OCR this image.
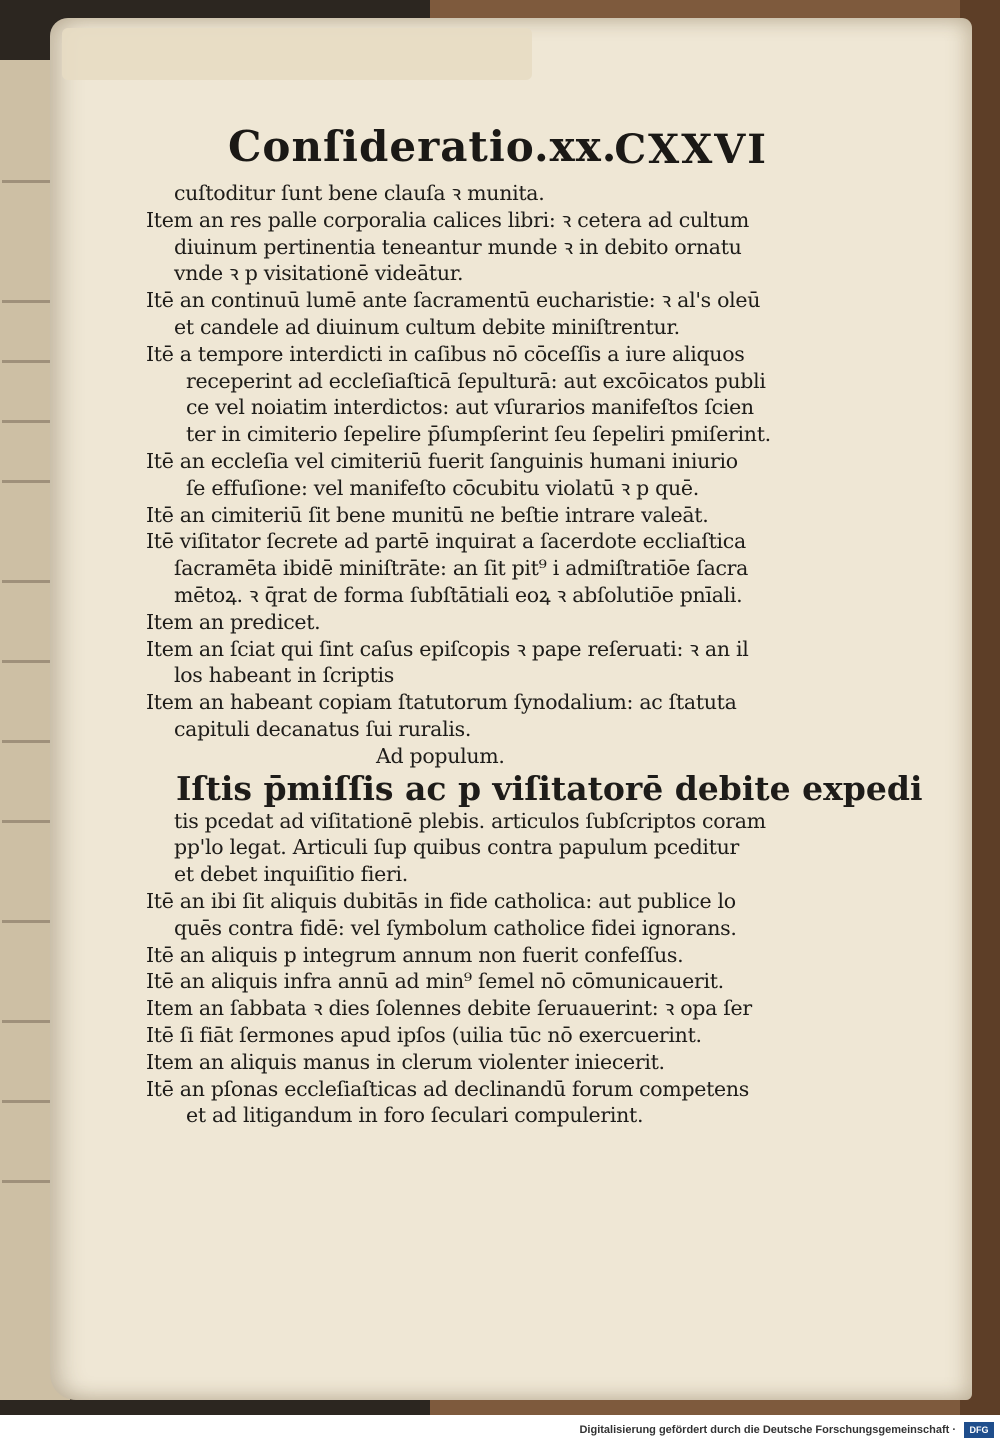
Conſideratio.xx.
CXXVI
cuſtoditur ſunt bene clauſa ꝛ munita.
Item an res palle corporalia calices libri: ꝛ cetera ad cultum
diuinum pertinentia teneantur munde ꝛ in debito ornatu
vnde ꝛ p visitationē videātur.
Itē an continuū lumē ante ſacramentū eucharistie: ꝛ al's oleū
et candele ad diuinum cultum debite miniſtrentur.
Itē a tempore interdicti in caſibus nō cōceſſis a iure aliquos
receperint ad eccleſiaſticā ſepulturā: aut excōicatos publi
ce vel noiatim interdictos: aut vſurarios manifeſtos ſcien
ter in cimiterio ſepelire p̄ſumpſerint ſeu ſepeliri pmiſerint.
Itē an eccleſia vel cimiteriū fuerit ſanguinis humani iniurio
ſe effuſione: vel manifeſto cōcubitu violatū ꝛ p quē.
Itē an cimiteriū ſit bene munitū ne beſtie intrare valeāt.
Itē viſitator ſecrete ad partē inquirat a ſacerdote eccliaſtica
ſacramēta ibidē miniſtrāte: an ſit pit⁹ i admiſtratiōe ſacra
mētoꝝ. ꝛ q̄rat de forma ſubſtātiali eoꝝ ꝛ abſolutiōe pnīali.
Item an predicet.
Item an ſciat qui ſint caſus epiſcopis ꝛ pape reſeruati: ꝛ an il
los habeant in ſcriptis
Item an habeant copiam ſtatutorum ſynodalium: ac ſtatuta
capituli decanatus ſui ruralis.
Ad populum.
Iſtis p̄miſſis ac p viſitatorē debite expedi
tis pcedat ad viſitationē plebis. articulos ſubſcriptos coram
pp'lo legat. Articuli ſup quibus contra papulum pceditur
et debet inquiſitio fieri.
Itē an ibi ſit aliquis dubitās in fide catholica: aut publice lo
quēs contra fidē: vel ſymbolum catholice fidei ignorans.
Itē an aliquis p integrum annum non fuerit confeſſus.
Itē an aliquis infra annū ad min⁹ ſemel nō cōmunicauerit.
Item an ſabbata ꝛ dies ſolennes debite ſeruauerint: ꝛ opa ſer
Itē ſi fiāt ſermones apud ipſos (uilia tūc nō exercuerint.
Item an aliquis manus in clerum violenter iniecerit.
Itē an pſonas eccleſiaſticas ad declinandū forum competens
et ad litigandum in foro ſeculari compulerint.
Digitalisierung gefördert durch die Deutsche Forschungsgemeinschaft ·	DFG
